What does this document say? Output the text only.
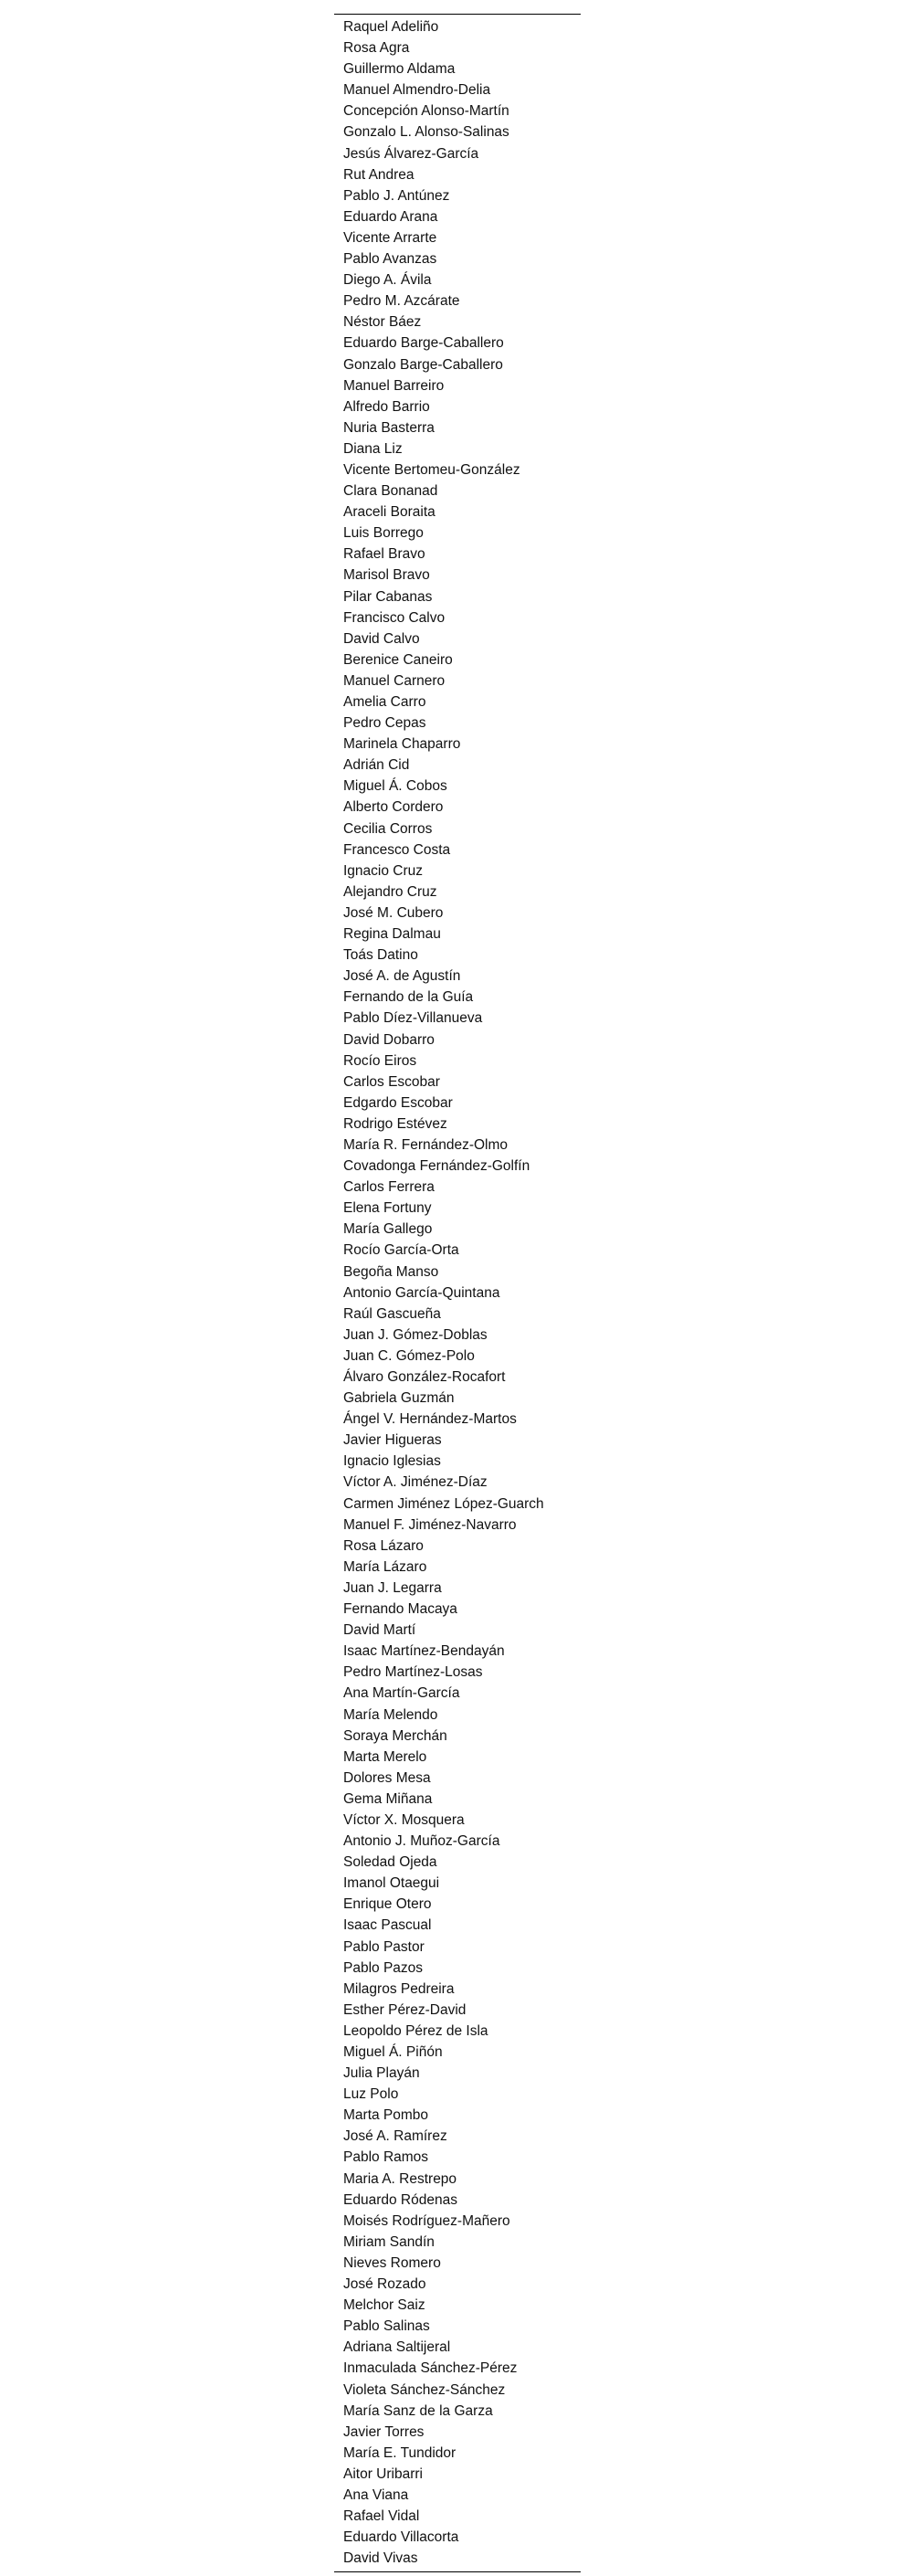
Raquel Adeliño
Rosa Agra
Guillermo Aldama
Manuel Almendro-Delia
Concepción Alonso-Martín
Gonzalo L. Alonso-Salinas
Jesús Álvarez-García
Rut Andrea
Pablo J. Antúnez
Eduardo Arana
Vicente Arrarte
Pablo Avanzas
Diego A. Ávila
Pedro M. Azcárate
Néstor Báez
Eduardo Barge-Caballero
Gonzalo Barge-Caballero
Manuel Barreiro
Alfredo Barrio
Nuria Basterra
Diana Liz
Vicente Bertomeu-González
Clara Bonanad
Araceli Boraita
Luis Borrego
Rafael Bravo
Marisol Bravo
Pilar Cabanas
Francisco Calvo
David Calvo
Berenice Caneiro
Manuel Carnero
Amelia Carro
Pedro Cepas
Marinela Chaparro
Adrián Cid
Miguel Á. Cobos
Alberto Cordero
Cecilia Corros
Francesco Costa
Ignacio Cruz
Alejandro Cruz
José M. Cubero
Regina Dalmau
Toás Datino
José A. de Agustín
Fernando de la Guía
Pablo Díez-Villanueva
David Dobarro
Rocío Eiros
Carlos Escobar
Edgardo Escobar
Rodrigo Estévez
María R. Fernández-Olmo
Covadonga Fernández-Golfín
Carlos Ferrera
Elena Fortuny
María Gallego
Rocío García-Orta
Begoña Manso
Antonio García-Quintana
Raúl Gascueña
Juan J. Gómez-Doblas
Juan C. Gómez-Polo
Álvaro González-Rocafort
Gabriela Guzmán
Ángel V. Hernández-Martos
Javier Higueras
Ignacio Iglesias
Víctor A. Jiménez-Díaz
Carmen Jiménez López-Guarch
Manuel F. Jiménez-Navarro
Rosa Lázaro
María Lázaro
Juan J. Legarra
Fernando Macaya
David Martí
Isaac Martínez-Bendayán
Pedro Martínez-Losas
Ana Martín-García
María Melendo
Soraya Merchán
Marta Merelo
Dolores Mesa
Gema Miñana
Víctor X. Mosquera
Antonio J. Muñoz-García
Soledad Ojeda
Imanol Otaegui
Enrique Otero
Isaac Pascual
Pablo Pastor
Pablo Pazos
Milagros Pedreira
Esther Pérez-David
Leopoldo Pérez de Isla
Miguel Á. Piñón
Julia Playán
Luz Polo
Marta Pombo
José A. Ramírez
Pablo Ramos
Maria A. Restrepo
Eduardo Ródenas
Moisés Rodríguez-Mañero
Miriam Sandín
Nieves Romero
José Rozado
Melchor Saiz
Pablo Salinas
Adriana Saltijeral
Inmaculada Sánchez-Pérez
Violeta Sánchez-Sánchez
María Sanz de la Garza
Javier Torres
María E. Tundidor
Aitor Uribarri
Ana Viana
Rafael Vidal
Eduardo Villacorta
David Vivas
